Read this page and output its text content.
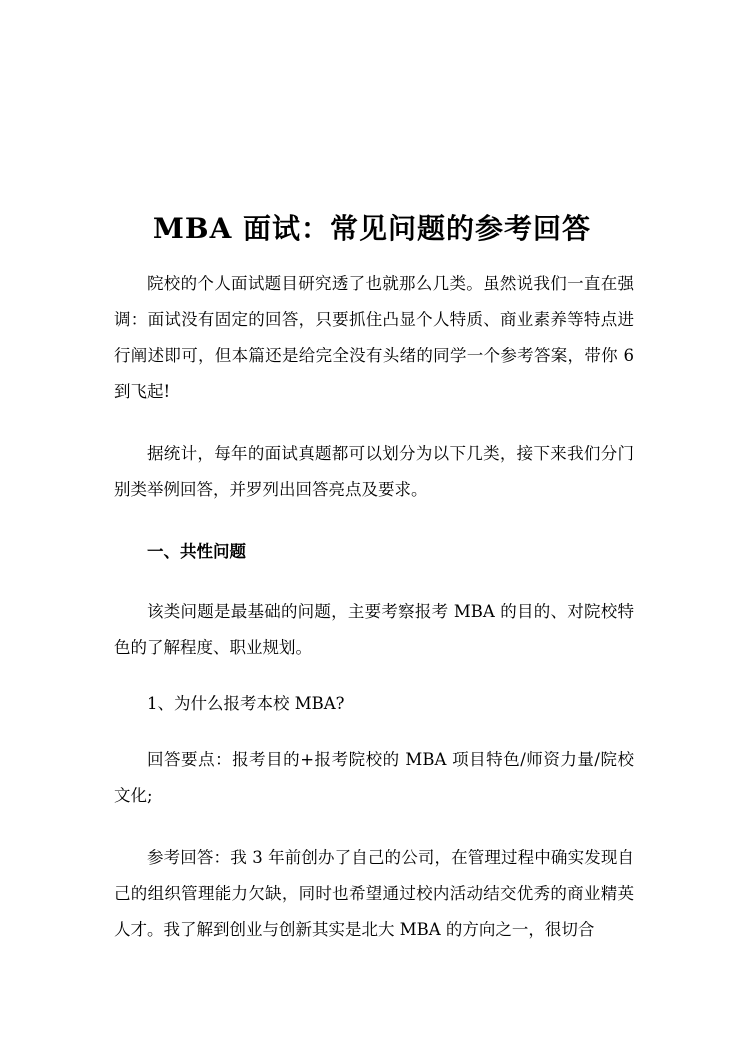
MBA 面试：常见问题的参考回答

院校的个人面试题目研究透了也就那么几类。虽然说我们一直在强调：面试没有固定的回答，只要抓住凸显个人特质、商业素养等特点进行阐述即可，但本篇还是给完全没有头绪的同学一个参考答案，带你 6 到飞起!

据统计，每年的面试真题都可以划分为以下几类，接下来我们分门别类举例回答，并罗列出回答亮点及要求。

一、共性问题

该类问题是最基础的问题，主要考察报考 MBA 的目的、对院校特色的了解程度、职业规划。

1、为什么报考本校 MBA?

回答要点：报考目的+报考院校的 MBA 项目特色/师资力量/院校文化;

参考回答：我 3 年前创办了自己的公司，在管理过程中确实发现自己的组织管理能力欠缺，同时也希望通过校内活动结交优秀的商业精英人才。我了解到创业与创新其实是北大 MBA 的方向之一，很切合
